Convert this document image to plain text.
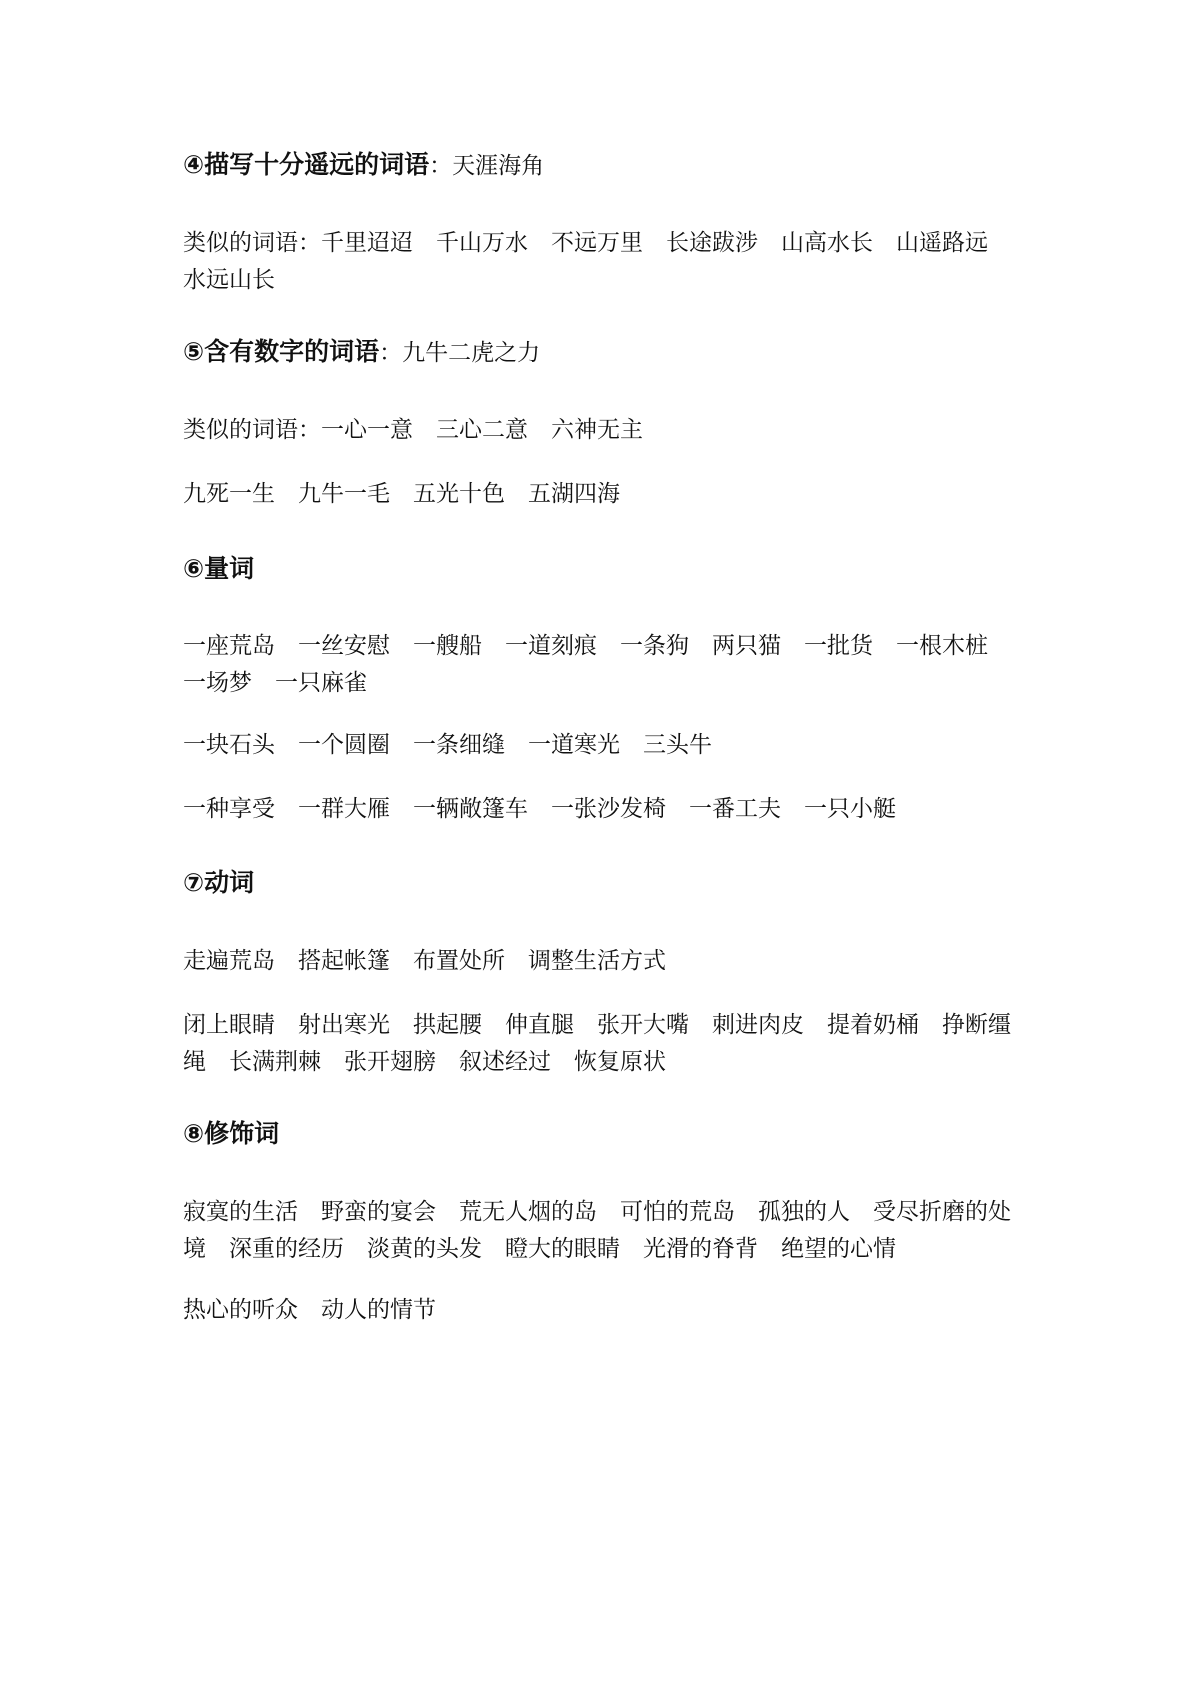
④描写十分遥远的词语：天涯海角
类似的词语：千里迢迢　千山万水　不远万里　长途跋涉　山高水长　山遥路远　水远山长
⑤含有数字的词语：九牛二虎之力
类似的词语：一心一意　三心二意　六神无主
九死一生　九牛一毛　五光十色　五湖四海
⑥量词
一座荒岛　一丝安慰　一艘船　一道刻痕　一条狗　两只猫　一批货　一根木桩　一场梦　一只麻雀
一块石头　一个圆圈　一条细缝　一道寒光　三头牛
一种享受　一群大雁　一辆敞篷车　一张沙发椅　一番工夫　一只小艇
⑦动词
走遍荒岛　搭起帐篷　布置处所　调整生活方式
闭上眼睛　射出寒光　拱起腰　伸直腿　张开大嘴　刺进肉皮　提着奶桶　挣断缰绳　长满荆棘　张开翅膀　叙述经过　恢复原状
⑧修饰词
寂寞的生活　野蛮的宴会　荒无人烟的岛　可怕的荒岛　孤独的人　受尽折磨的处境　深重的经历　淡黄的头发　瞪大的眼睛　光滑的脊背　绝望的心情
热心的听众　动人的情节
